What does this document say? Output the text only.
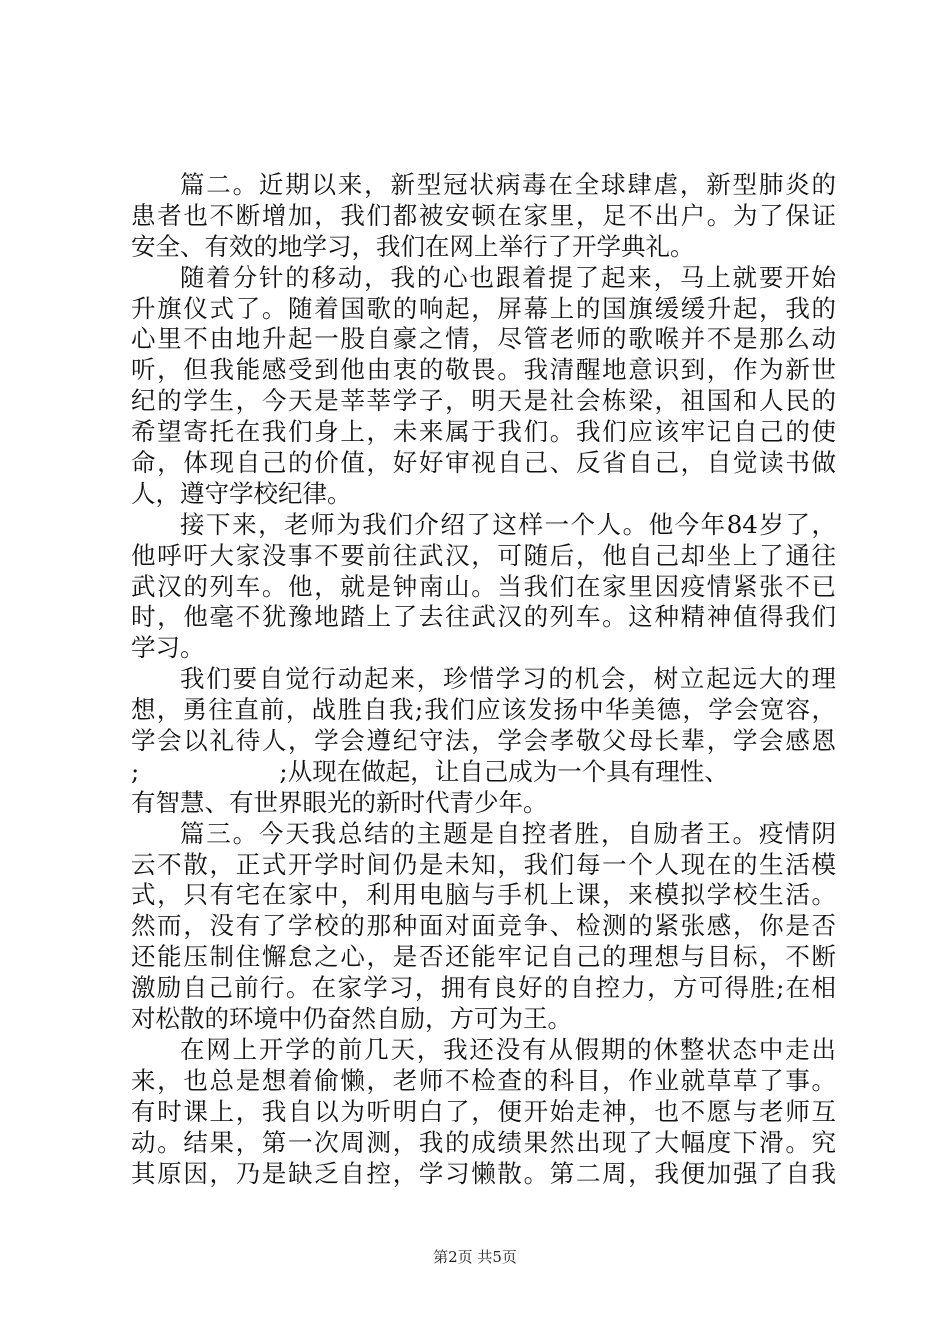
篇二。近期以来，新型冠状病毒在全球肆虐，新型肺炎的
患者也不断增加，我们都被安顿在家里，足不出户。为了保证
安全、有效的地学习，我们在网上举行了开学典礼。
随着分针的移动，我的心也跟着提了起来，马上就要开始
升旗仪式了。随着国歌的响起，屏幕上的国旗缓缓升起，我的
心里不由地升起一股自豪之情，尽管老师的歌喉并不是那么动
听，但我能感受到他由衷的敬畏。我清醒地意识到，作为新世
纪的学生，今天是莘莘学子，明天是社会栋梁，祖国和人民的
希望寄托在我们身上，未来属于我们。我们应该牢记自己的使
命，体现自己的价值，好好审视自己、反省自己，自觉读书做
人，遵守学校纪律。
接下来，老师为我们介绍了这样一个人。他今年84岁了，
他呼吁大家没事不要前往武汉，可随后，他自己却坐上了通往
武汉的列车。他，就是钟南山。当我们在家里因疫情紧张不已
时，他毫不犹豫地踏上了去往武汉的列车。这种精神值得我们
学习。
我们要自觉行动起来，珍惜学习的机会，树立起远大的理
想，勇往直前，战胜自我;我们应该发扬中华美德，学会宽容，
学会以礼待人，学会遵纪守法，学会孝敬父母长辈，学会感恩
;                  ;从现在做起，让自己成为一个具有理性、
有智慧、有世界眼光的新时代青少年。
篇三。今天我总结的主题是自控者胜，自励者王。疫情阴
云不散，正式开学时间仍是未知，我们每一个人现在的生活模
式，只有宅在家中，利用电脑与手机上课，来模拟学校生活。
然而，没有了学校的那种面对面竞争、检测的紧张感，你是否
还能压制住懈怠之心，是否还能牢记自己的理想与目标，不断
激励自己前行。在家学习，拥有良好的自控力，方可得胜;在相
对松散的环境中仍奋然自励，方可为王。
在网上开学的前几天，我还没有从假期的休整状态中走出
来，也总是想着偷懒，老师不检查的科目，作业就草草了事。
有时课上，我自以为听明白了，便开始走神，也不愿与老师互
动。结果，第一次周测，我的成绩果然出现了大幅度下滑。究
其原因，乃是缺乏自控，学习懒散。第二周，我便加强了自我
第2页 共5页
